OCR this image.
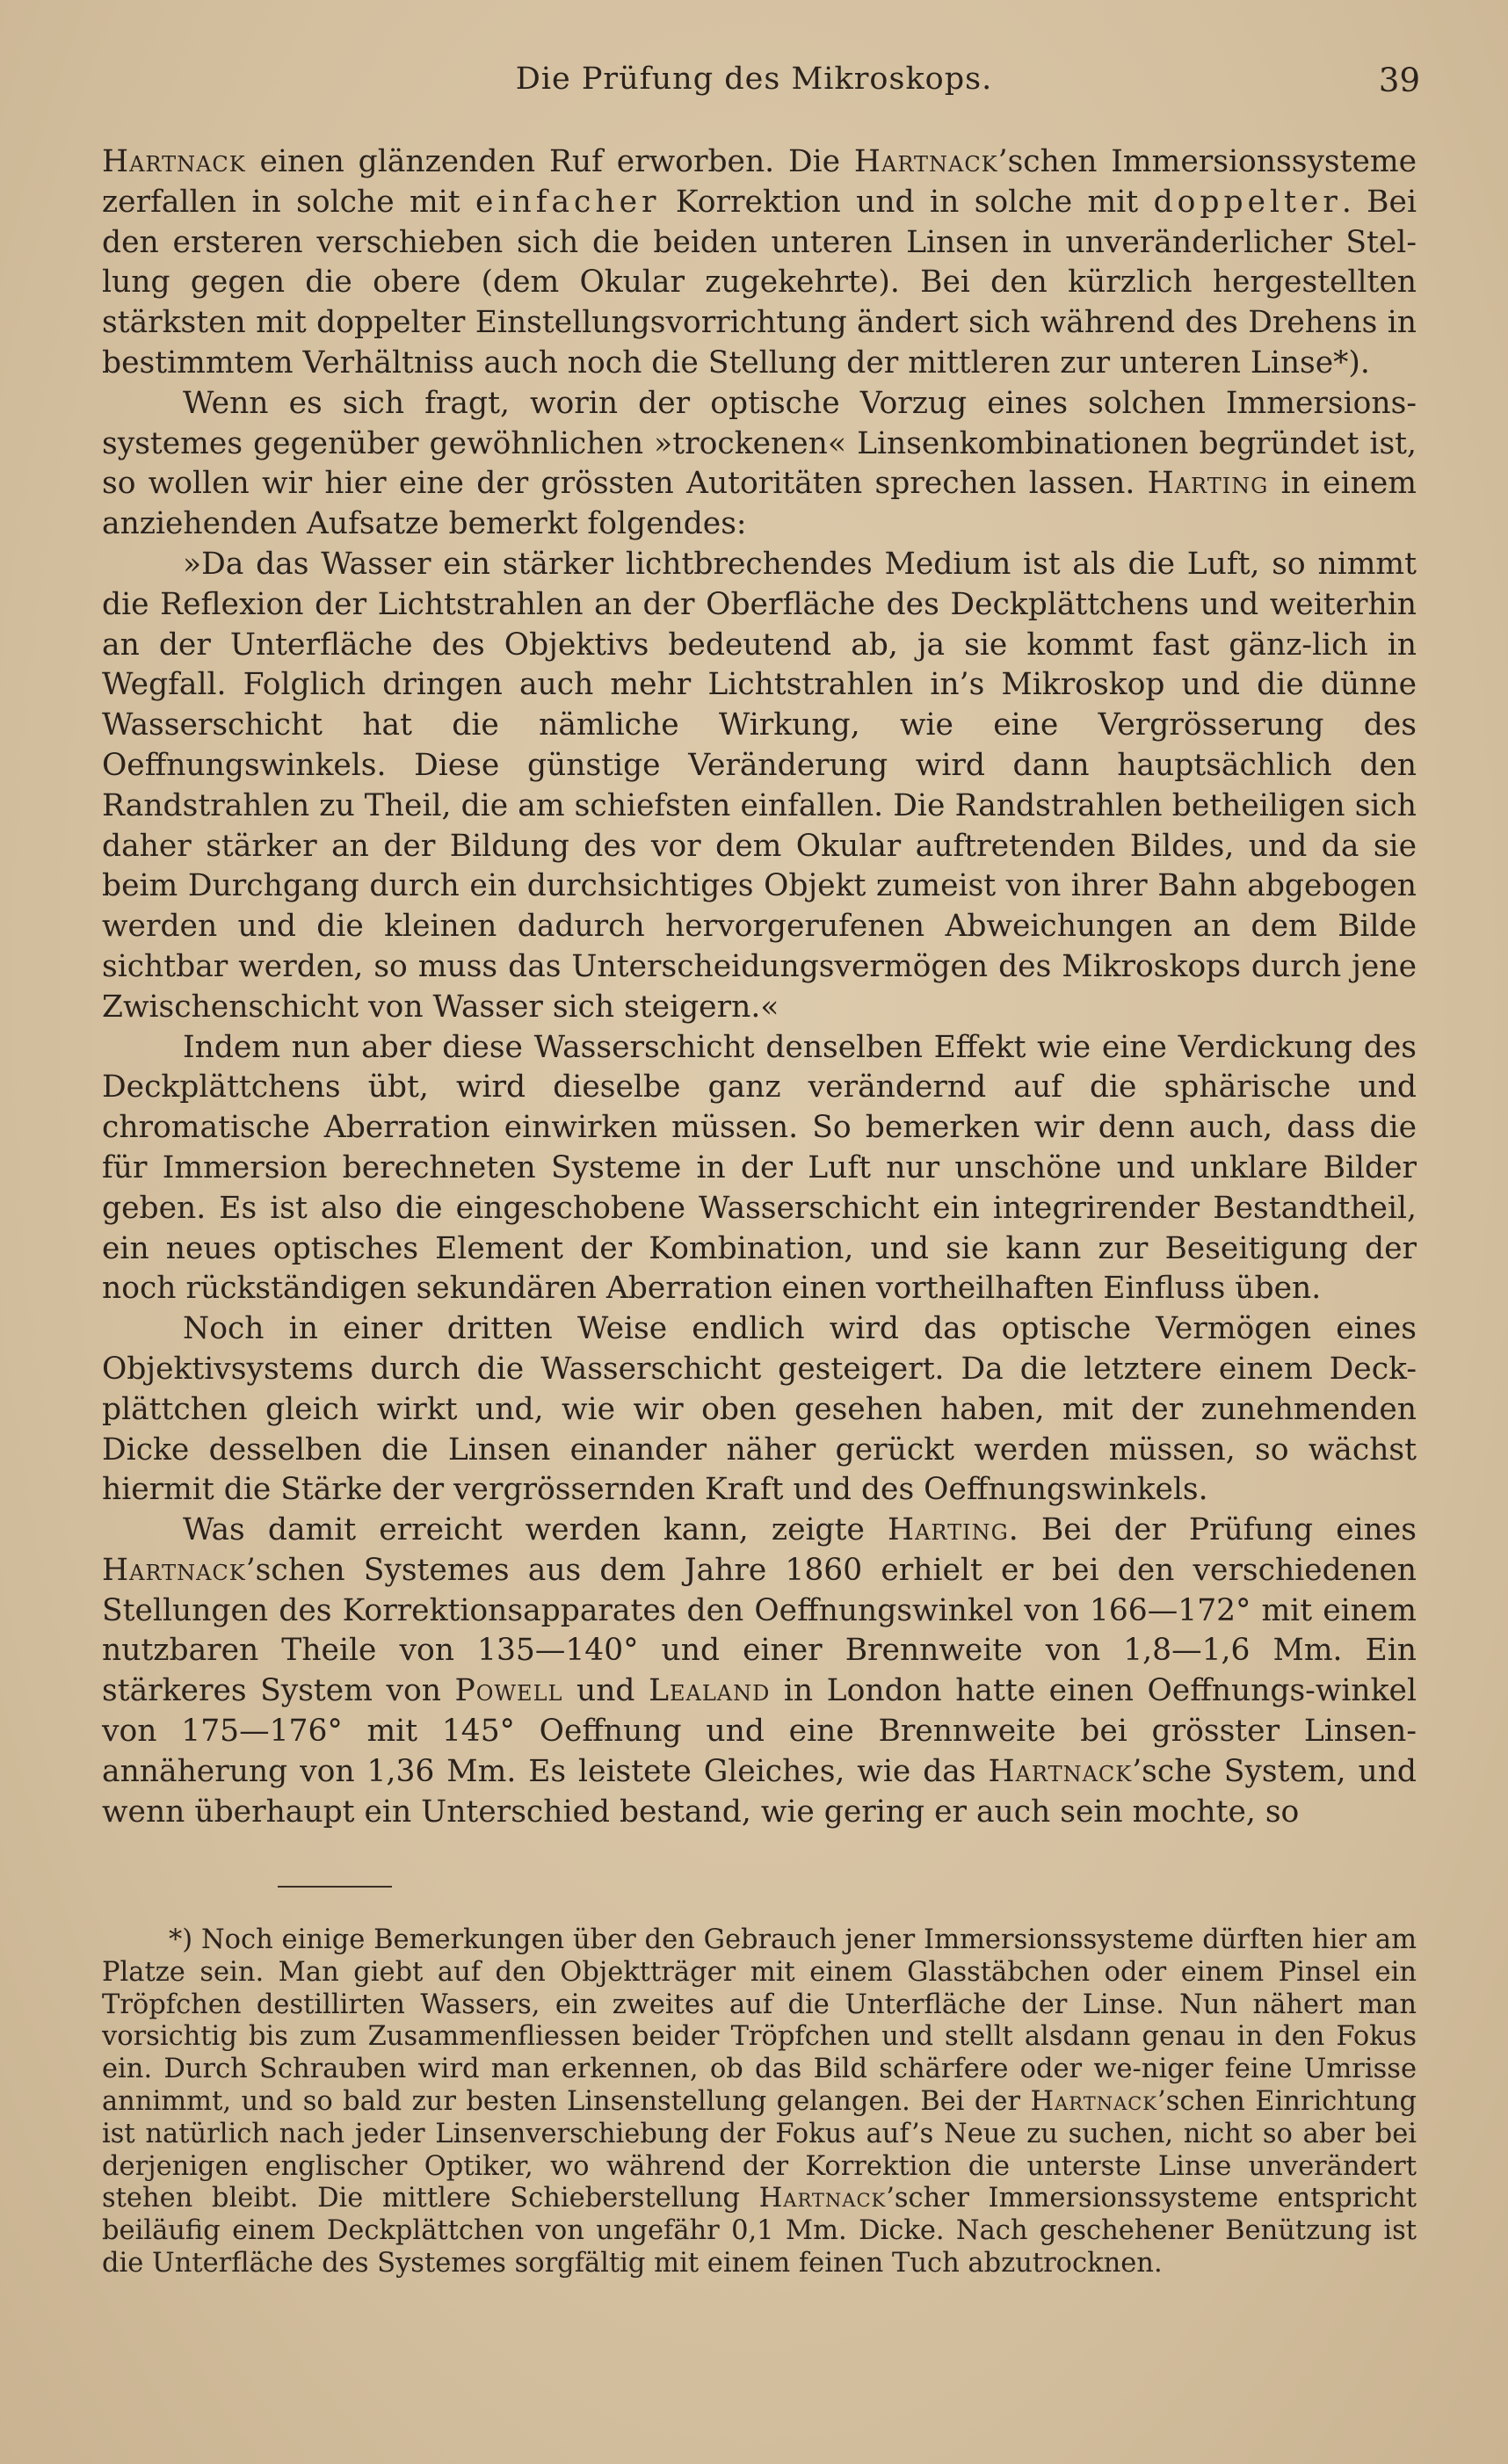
Die Prüfung des Mikroskops.	39

Hartnack einen glänzenden Ruf erworben. Die Hartnack’schen Immersionssysteme zerfallen in solche mit einfacher Korrektion und in solche mit doppelter. Bei den ersteren verschieben sich die beiden unteren Linsen in unveränderlicher Stel-lung gegen die obere (dem Okular zugekehrte). Bei den kürzlich hergestellten stärksten mit doppelter Einstellungsvorrichtung ändert sich während des Drehens in bestimmtem Verhältniss auch noch die Stellung der mittleren zur unteren Linse*).

Wenn es sich fragt, worin der optische Vorzug eines solchen Immersions-systemes gegenüber gewöhnlichen »trockenen« Linsenkombinationen begründet ist, so wollen wir hier eine der grössten Autoritäten sprechen lassen. Harting in einem anziehenden Aufsatze bemerkt folgendes:

»Da das Wasser ein stärker lichtbrechendes Medium ist als die Luft, so nimmt die Reflexion der Lichtstrahlen an der Oberfläche des Deckplättchens und weiterhin an der Unterfläche des Objektivs bedeutend ab, ja sie kommt fast gänz-lich in Wegfall. Folglich dringen auch mehr Lichtstrahlen in’s Mikroskop und die dünne Wasserschicht hat die nämliche Wirkung, wie eine Vergrösserung des Oeffnungswinkels. Diese günstige Veränderung wird dann hauptsächlich den Randstrahlen zu Theil, die am schiefsten einfallen. Die Randstrahlen betheiligen sich daher stärker an der Bildung des vor dem Okular auftretenden Bildes, und da sie beim Durchgang durch ein durchsichtiges Objekt zumeist von ihrer Bahn abgebogen werden und die kleinen dadurch hervorgerufenen Abweichungen an dem Bilde sichtbar werden, so muss das Unterscheidungsvermögen des Mikroskops durch jene Zwischenschicht von Wasser sich steigern.«

Indem nun aber diese Wasserschicht denselben Effekt wie eine Verdickung des Deckplättchens übt, wird dieselbe ganz verändernd auf die sphärische und chromatische Aberration einwirken müssen. So bemerken wir denn auch, dass die für Immersion berechneten Systeme in der Luft nur unschöne und unklare Bilder geben. Es ist also die eingeschobene Wasserschicht ein integrirender Bestandtheil, ein neues optisches Element der Kombination, und sie kann zur Beseitigung der noch rückständigen sekundären Aberration einen vortheilhaften Einfluss üben.

Noch in einer dritten Weise endlich wird das optische Vermögen eines Objektivsystems durch die Wasserschicht gesteigert. Da die letztere einem Deck-plättchen gleich wirkt und, wie wir oben gesehen haben, mit der zunehmenden Dicke desselben die Linsen einander näher gerückt werden müssen, so wächst hiermit die Stärke der vergrössernden Kraft und des Oeffnungswinkels.

Was damit erreicht werden kann, zeigte Harting. Bei der Prüfung eines Hartnack’schen Systemes aus dem Jahre 1860 erhielt er bei den verschiedenen Stellungen des Korrektionsapparates den Oeffnungswinkel von 166—172° mit einem nutzbaren Theile von 135—140° und einer Brennweite von 1,8—1,6 Mm. Ein stärkeres System von Powell und Lealand in London hatte einen Oeffnungs-winkel von 175—176° mit 145° Oeffnung und eine Brennweite bei grösster Linsen-annäherung von 1,36 Mm. Es leistete Gleiches, wie das Hartnack’sche System, und wenn überhaupt ein Unterschied bestand, wie gering er auch sein mochte, so

*) Noch einige Bemerkungen über den Gebrauch jener Immersionssysteme dürften hier am Platze sein. Man giebt auf den Objektträger mit einem Glasstäbchen oder einem Pinsel ein Tröpfchen destillirten Wassers, ein zweites auf die Unterfläche der Linse. Nun nähert man vorsichtig bis zum Zusammenfliessen beider Tröpfchen und stellt alsdann genau in den Fokus ein. Durch Schrauben wird man erkennen, ob das Bild schärfere oder we-niger feine Umrisse annimmt, und so bald zur besten Linsenstellung gelangen. Bei der Hartnack’schen Einrichtung ist natürlich nach jeder Linsenverschiebung der Fokus auf’s Neue zu suchen, nicht so aber bei derjenigen englischer Optiker, wo während der Korrektion die unterste Linse unverändert stehen bleibt. Die mittlere Schieberstellung Hartnack’scher Immersionssysteme entspricht beiläufig einem Deckplättchen von ungefähr 0,1 Mm. Dicke. Nach geschehener Benützung ist die Unterfläche des Systemes sorgfältig mit einem feinen Tuch abzutrocknen.
